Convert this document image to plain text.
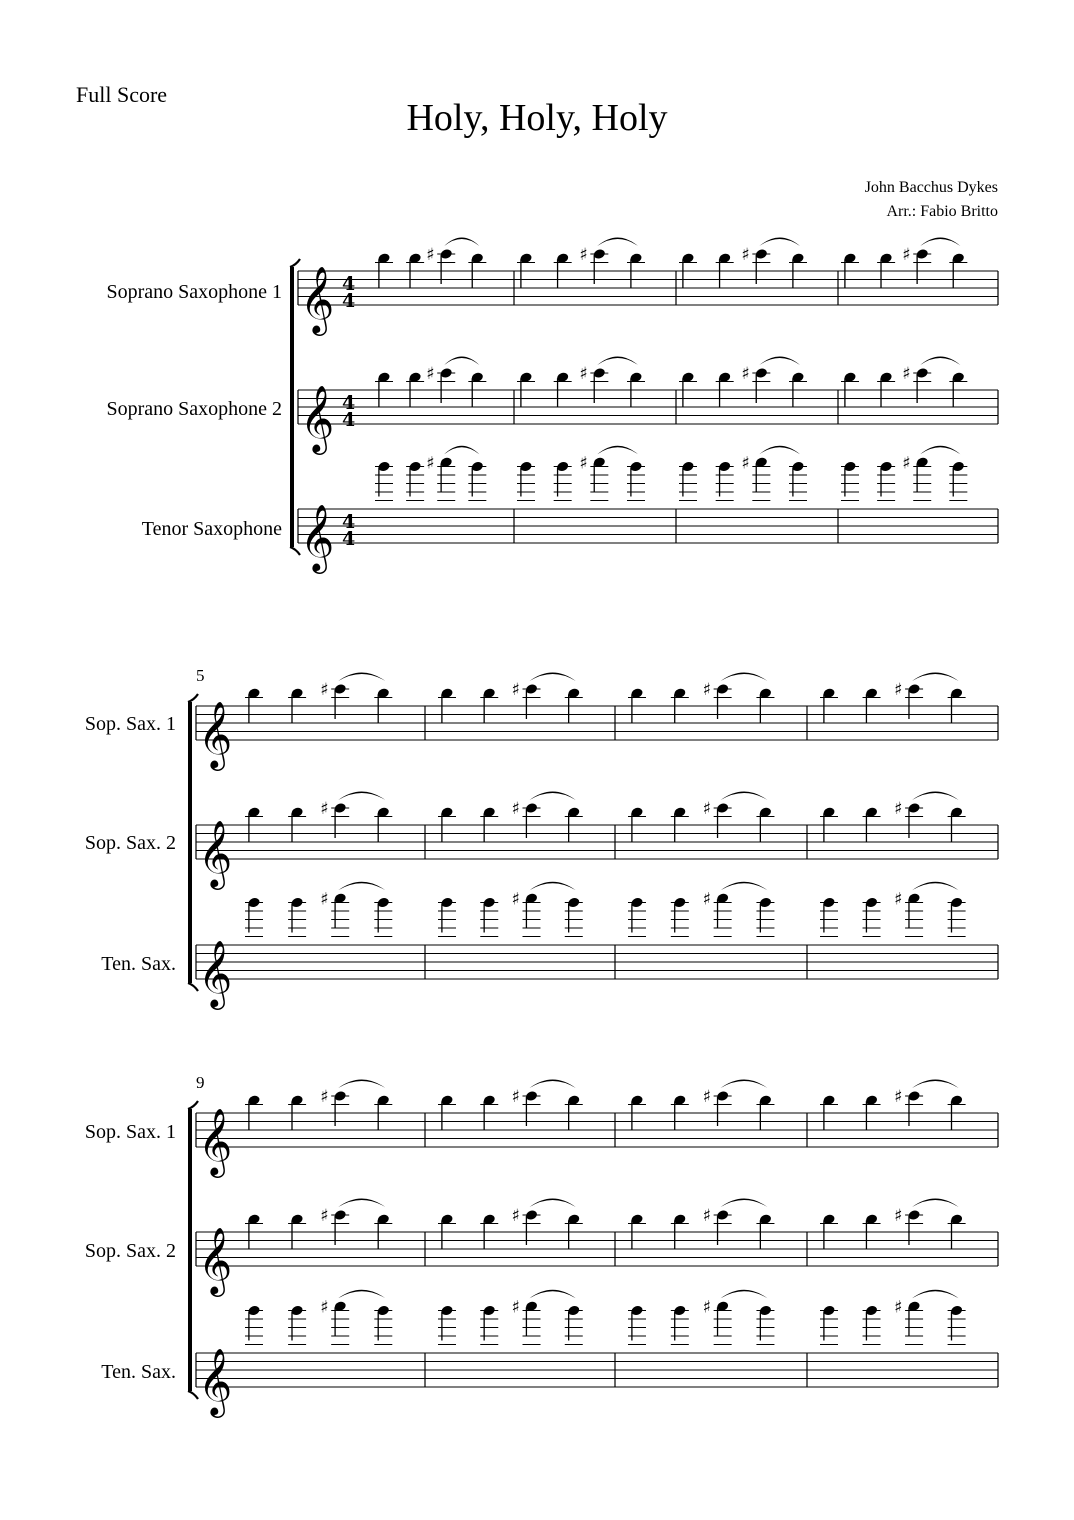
Full Score
Holy, Holy, Holy
John Bacchus Dykes
Arr.: Fabio Britto
Soprano Saxophone 1
Soprano Saxophone 2
Tenor Saxophone
5
Sop. Sax. 1
Sop. Sax. 2
Ten. Sax.
9
Sop. Sax. 1
Sop. Sax. 2
Ten. Sax.
𝄞 4
4
♯	♯	♯	♯
𝄞 4
4
♯	♯	♯	♯
𝄞 4
4
♯	♯	♯	♯
𝄞
♯	♯	♯	♯
𝄞
♯	♯	♯	♯
𝄞
♯	♯	♯	♯
𝄞
♯	♯	♯	♯
𝄞
♯	♯	♯	♯
𝄞
♯	♯	♯	♯
